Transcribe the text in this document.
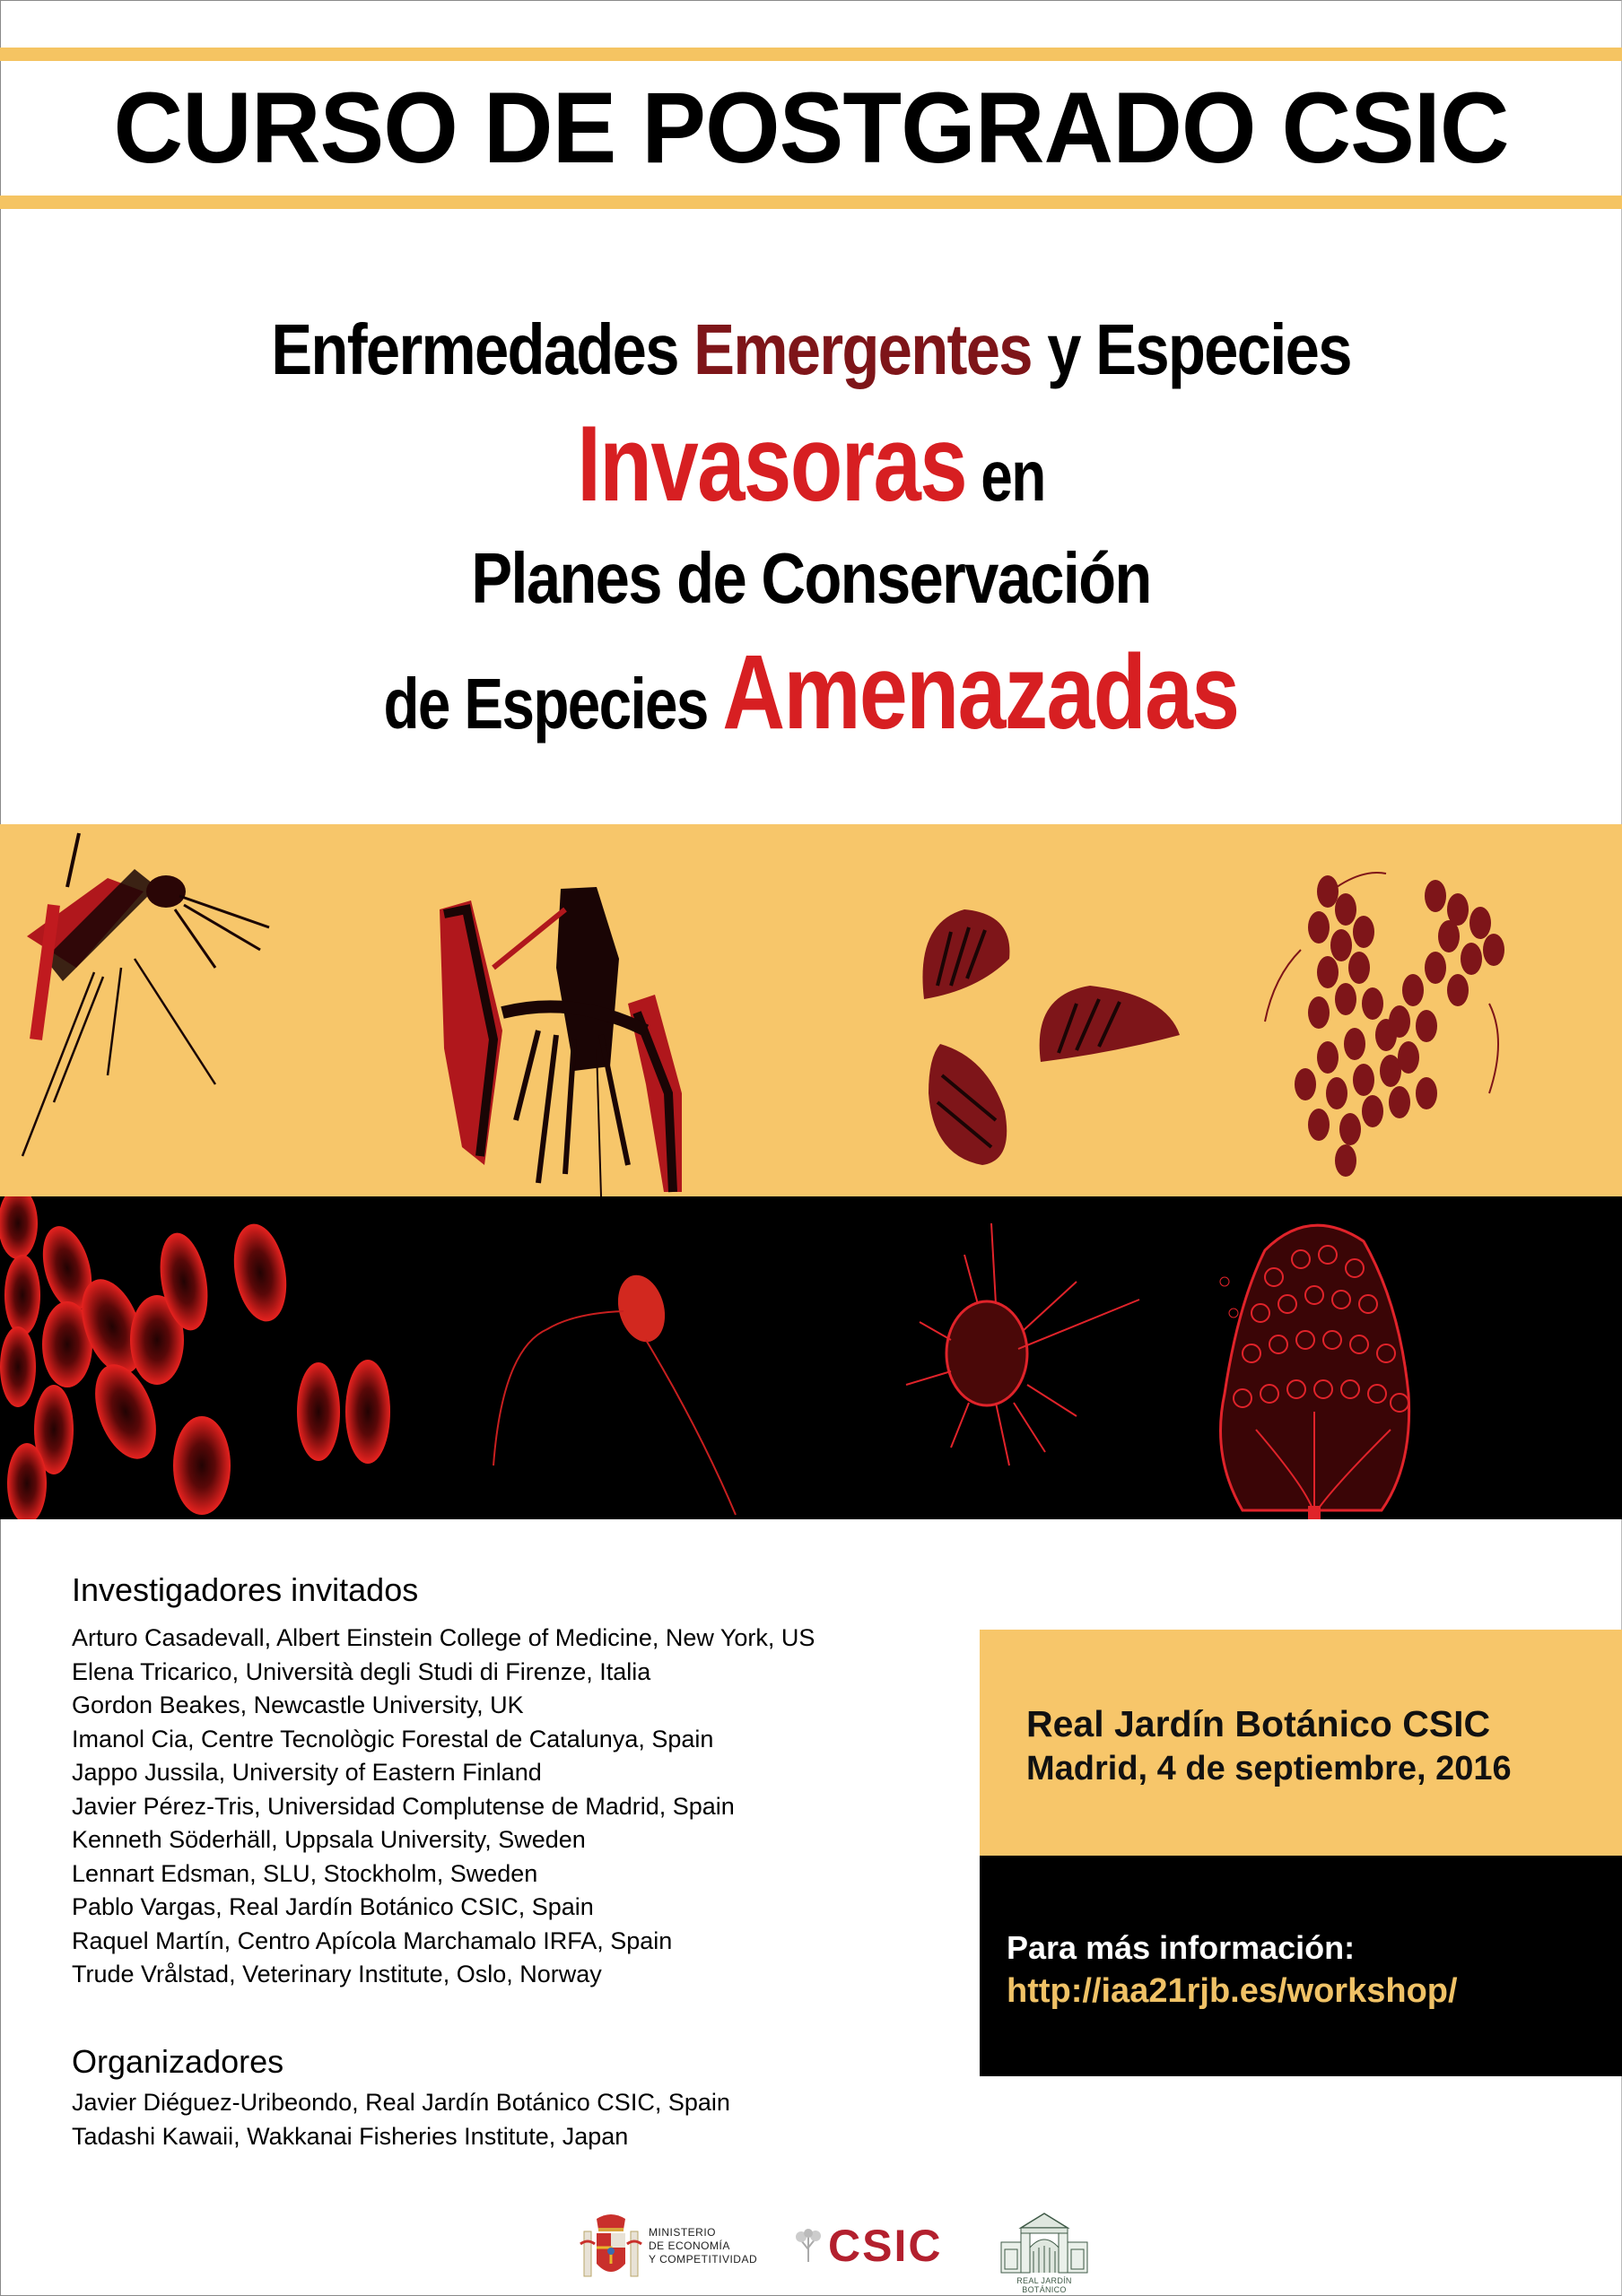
CURSO DE POSTGRADO CSIC
Enfermedades Emergentes y Especies
Invasoras en
Planes de Conservación
de Especies Amenazadas
Investigadores invitados
Arturo Casadevall, Albert Einstein College of Medicine, New York, US
Elena Tricarico, Università degli Studi di Firenze, Italia
Gordon Beakes, Newcastle University, UK
Imanol Cia, Centre Tecnològic Forestal de Catalunya, Spain
Jappo Jussila, University of Eastern Finland
Javier Pérez-Tris, Universidad Complutense de Madrid, Spain
Kenneth Söderhäll, Uppsala University, Sweden
Lennart Edsman, SLU, Stockholm, Sweden
Pablo Vargas, Real Jardín Botánico CSIC, Spain
Raquel Martín, Centro Apícola Marchamalo IRFA, Spain
Trude Vrålstad, Veterinary Institute, Oslo, Norway
Organizadores
Javier Diéguez-Uribeondo, Real Jardín Botánico CSIC, Spain
Tadashi Kawaii, Wakkanai Fisheries Institute, Japan
Real Jardín Botánico CSIC
Madrid, 4 de septiembre, 2016
Para más información:
http://iaa21rjb.es/workshop/
MINISTERIO
DE ECONOMÍA
Y COMPETITIVIDAD CSIC
REAL JARDÍN BOTÁNICO
